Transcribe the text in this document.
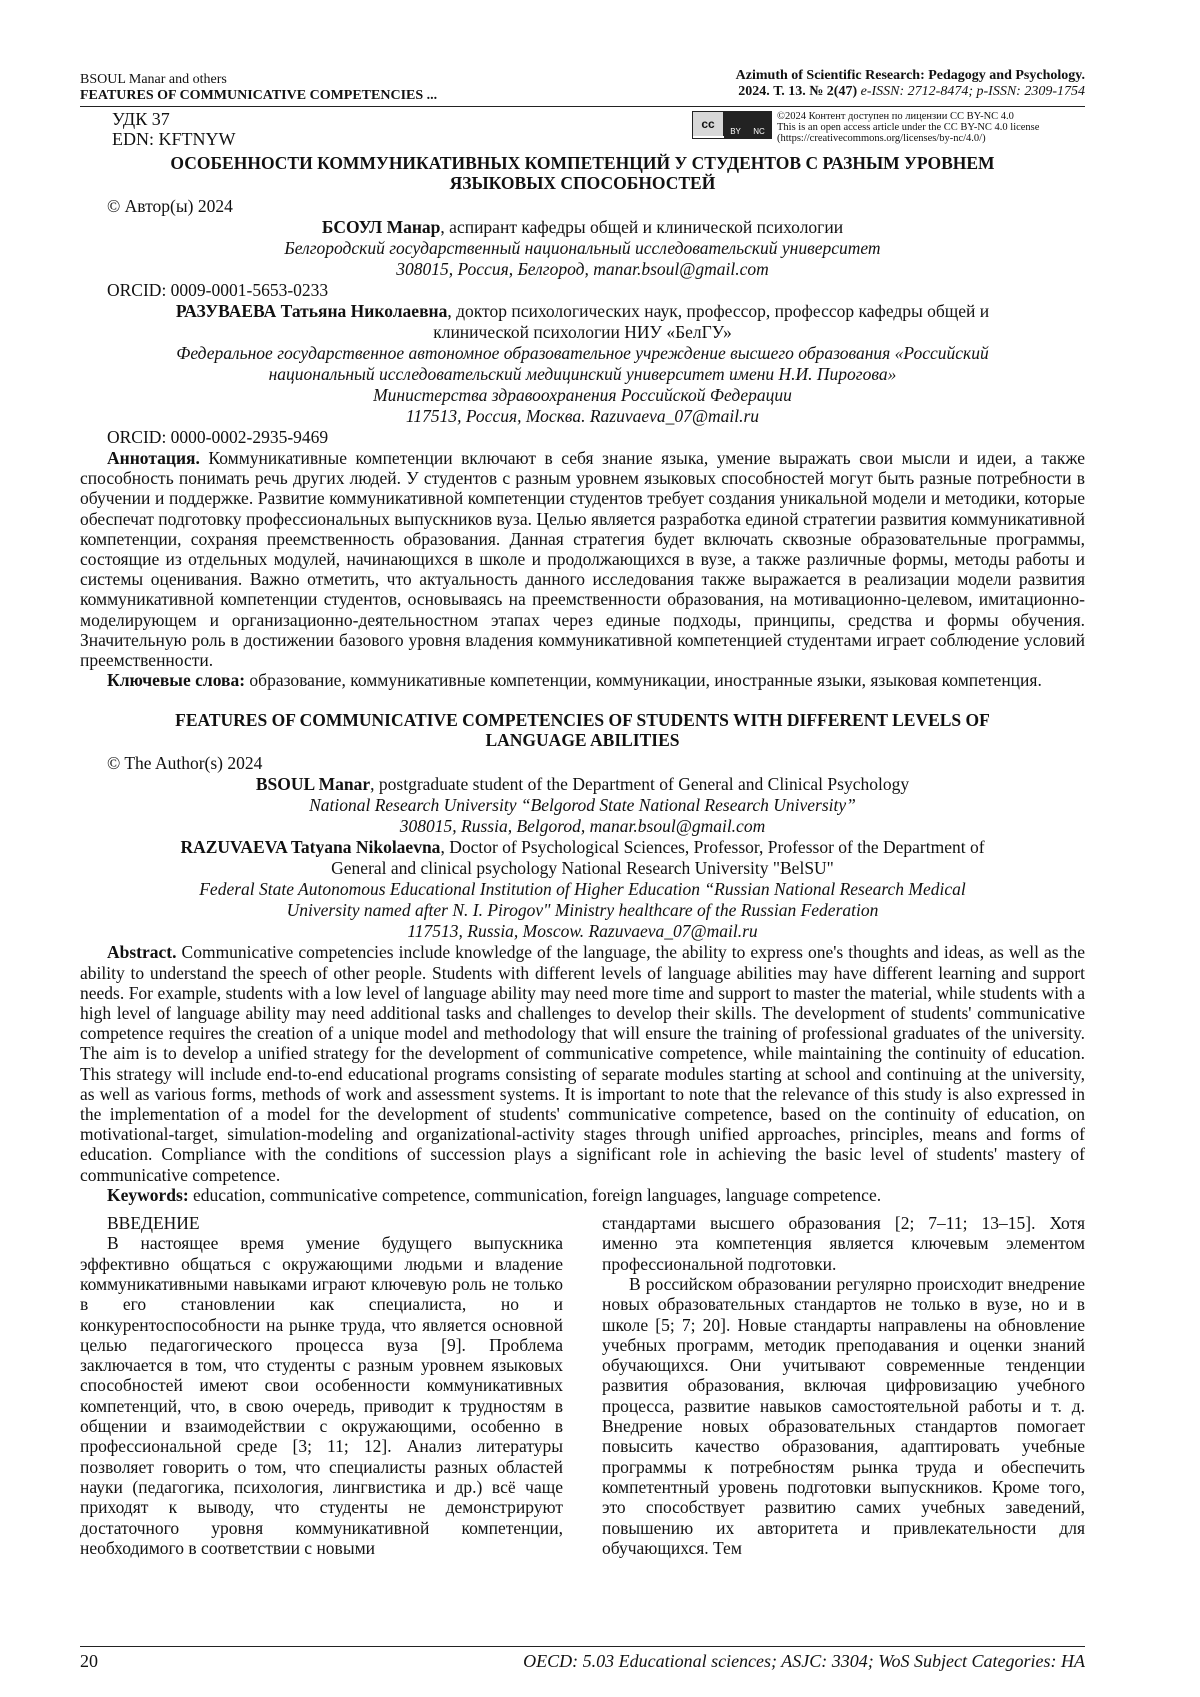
BSOUL Manar and others
FEATURES OF COMMUNICATIVE COMPETENCIES ...
Azimuth of Scientific Research: Pedagogy and Psychology.
2024. Т. 13. № 2(47) e-ISSN: 2712-8474; p-ISSN: 2309-1754
УДК 37
EDN: KFTNYW
cc
BY NC
©2024 Контент доступен по лицензии CC BY-NC 4.0
This is an open access article under the CC BY-NC 4.0 license
(https://creativecommons.org/licenses/by-nc/4.0/)
ОСОБЕННОСТИ КОММУНИКАТИВНЫХ КОМПЕТЕНЦИЙ У СТУДЕНТОВ С РАЗНЫМ УРОВНЕМ
ЯЗЫКОВЫХ СПОСОБНОСТЕЙ
© Автор(ы) 2024
БСОУЛ Манар, аспирант кафедры общей и клинической психологии
Белгородский государственный национальный исследовательский университет
308015, Россия, Белгород, manar.bsoul@gmail.com
ORCID: 0009-0001-5653-0233
РАЗУВАЕВА Татьяна Николаевна, доктор психологических наук, профессор, профессор кафедры общей и
клинической психологии НИУ «БелГУ»
Федеральное государственное автономное образовательное учреждение высшего образования «Российский
национальный исследовательский медицинский университет имени Н.И. Пирогова»
Министерства здравоохранения Российской Федерации
117513, Россия, Москва. Razuvaeva_07@mail.ru
ORCID: 0000-0002-2935-9469

Аннотация. Коммуникативные компетенции включают в себя знание языка, умение выражать свои мысли и идеи, а также способность понимать речь других людей. У студентов с разным уровнем языковых способностей могут быть разные потребности в обучении и поддержке. Развитие коммуникативной компетенции студентов требует создания уникальной модели и методики, которые обеспечат подготовку профессиональных выпускников вуза. Целью является разработка единой стратегии развития коммуникативной компетенции, сохраняя преемственность образования. Данная стратегия будет включать сквозные образовательные программы, состоящие из отдельных модулей, начинающихся в школе и продолжающихся в вузе, а также различные формы, методы работы и системы оценивания. Важно отметить, что актуальность данного исследования также выражается в реализации модели развития коммуникативной компетенции студентов, основываясь на преемственности образования, на мотивационно-целевом, имитационно-моделирующем и организационно-деятельностном этапах через единые подходы, принципы, средства и формы обучения. Значительную роль в достижении базового уровня владения коммуникативной компетенцией студентами играет соблюдение условий преемственности.

Ключевые слова: образование, коммуникативные компетенции, коммуникации, иностранные языки, языковая компетенция.

FEATURES OF COMMUNICATIVE COMPETENCIES OF STUDENTS WITH DIFFERENT LEVELS OF
LANGUAGE ABILITIES
© The Author(s) 2024
BSOUL Manar, postgraduate student of the Department of General and Clinical Psychology
National Research University “Belgorod State National Research University”
308015, Russia, Belgorod, manar.bsoul@gmail.com
RAZUVAEVA Tatyana Nikolaevna, Doctor of Psychological Sciences, Professor, Professor of the Department of
General and clinical psychology National Research University "BelSU"
Federal State Autonomous Educational Institution of Higher Education “Russian National Research Medical
University named after N. I. Pirogov" Ministry healthcare of the Russian Federation
117513, Russia, Moscow. Razuvaeva_07@mail.ru

Abstract. Communicative competencies include knowledge of the language, the ability to express one's thoughts and ideas, as well as the ability to understand the speech of other people. Students with different levels of language abilities may have different learning and support needs. For example, students with a low level of language ability may need more time and support to master the material, while students with a high level of language ability may need additional tasks and challenges to develop their skills. The development of students' communicative competence requires the creation of a unique model and methodology that will ensure the training of professional graduates of the university. The aim is to develop a unified strategy for the development of communicative competence, while maintaining the continuity of education. This strategy will include end-to-end educational programs consisting of separate modules starting at school and continuing at the university, as well as various forms, methods of work and assessment systems. It is important to note that the relevance of this study is also expressed in the implementation of a model for the development of students' communicative competence, based on the continuity of education, on motivational-target, simulation-modeling and organizational-activity stages through unified approaches, principles, means and forms of education. Compliance with the conditions of succession plays a significant role in achieving the basic level of students' mastery of communicative competence.

Keywords: education, communicative competence, communication, foreign languages, language competence.

ВВЕДЕНИЕ

В настоящее время умение будущего выпускника эффективно общаться с окружающими людьми и владение коммуникативными навыками играют ключевую роль не только в его становлении как специалиста, но и конкурентоспособности на рынке труда, что является основной целью педагогического процесса вуза [9]. Проблема заключается в том, что студенты с разным уровнем языковых способностей имеют свои особенности коммуникативных компетенций, что, в свою очередь, приводит к трудностям в общении и взаимодействии с окружающими, особенно в профессиональной среде [3; 11; 12]. Анализ литературы позволяет говорить о том, что специалисты разных областей науки (педагогика, психология, лингвистика и др.) всё чаще приходят к выводу, что студенты не демонстрируют достаточного уровня коммуникативной компетенции, необходимого в соответствии с новыми

стандартами высшего образования [2; 7–11; 13–15]. Хотя именно эта компетенция является ключевым элементом профессиональной подготовки.

В российском образовании регулярно происходит внедрение новых образовательных стандартов не только в вузе, но и в школе [5; 7; 20]. Новые стандарты направлены на обновление учебных программ, методик преподавания и оценки знаний обучающихся. Они учитывают современные тенденции развития образования, включая цифровизацию учебного процесса, развитие навыков самостоятельной работы и т. д. Внедрение новых образовательных стандартов помогает повысить качество образования, адаптировать учебные программы к потребностям рынка труда и обеспечить компетентный уровень подготовки выпускников. Кроме того, это способствует развитию самих учебных заведений, повышению их авторитета и привлекательности для обучающихся. Тем

20	OECD: 5.03 Educational sciences; ASJC: 3304; WoS Subject Categories: HA
